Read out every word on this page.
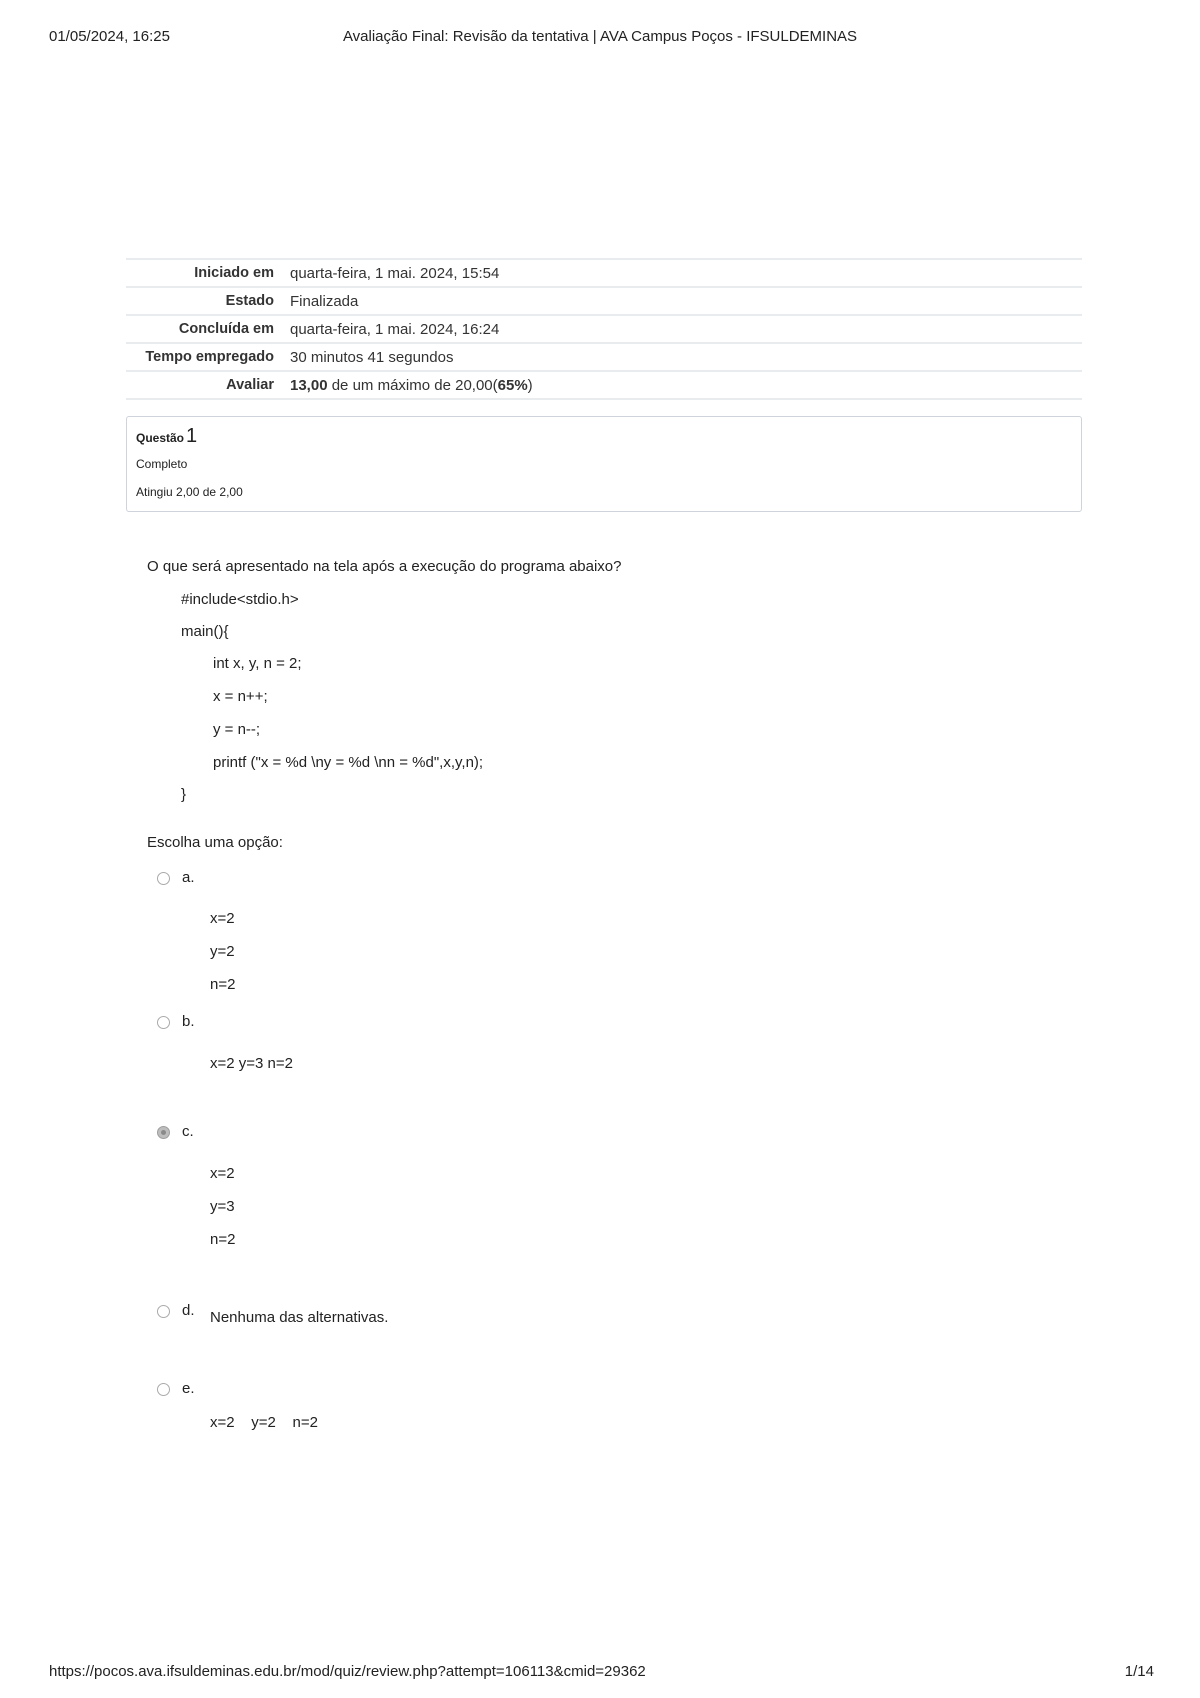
01/05/2024, 16:25	Avaliação Final: Revisão da tentativa | AVA Campus Poços - IFSULDEMINAS
Iniciado em	quarta-feira, 1 mai. 2024, 15:54
Estado	Finalizada
Concluída em	quarta-feira, 1 mai. 2024, 16:24
Tempo empregado	30 minutos 41 segundos
Avaliar	13,00 de um máximo de 20,00(65%)
Questão 1
Completo
Atingiu 2,00 de 2,00
O que será apresentado na tela após a execução do programa abaixo?
#include<stdio.h>
main(){
int x, y, n = 2;
x = n++;
y = n--;
printf ("x = %d \ny = %d \nn = %d",x,y,n);
}
Escolha uma opção:
a.
x=2
y=2
n=2
b.
x=2 y=3 n=2
c.
x=2
y=3
n=2
d. Nenhuma das alternativas.
e.
x=2    y=2    n=2
https://pocos.ava.ifsuldeminas.edu.br/mod/quiz/review.php?attempt=106113&cmid=29362	1/14
